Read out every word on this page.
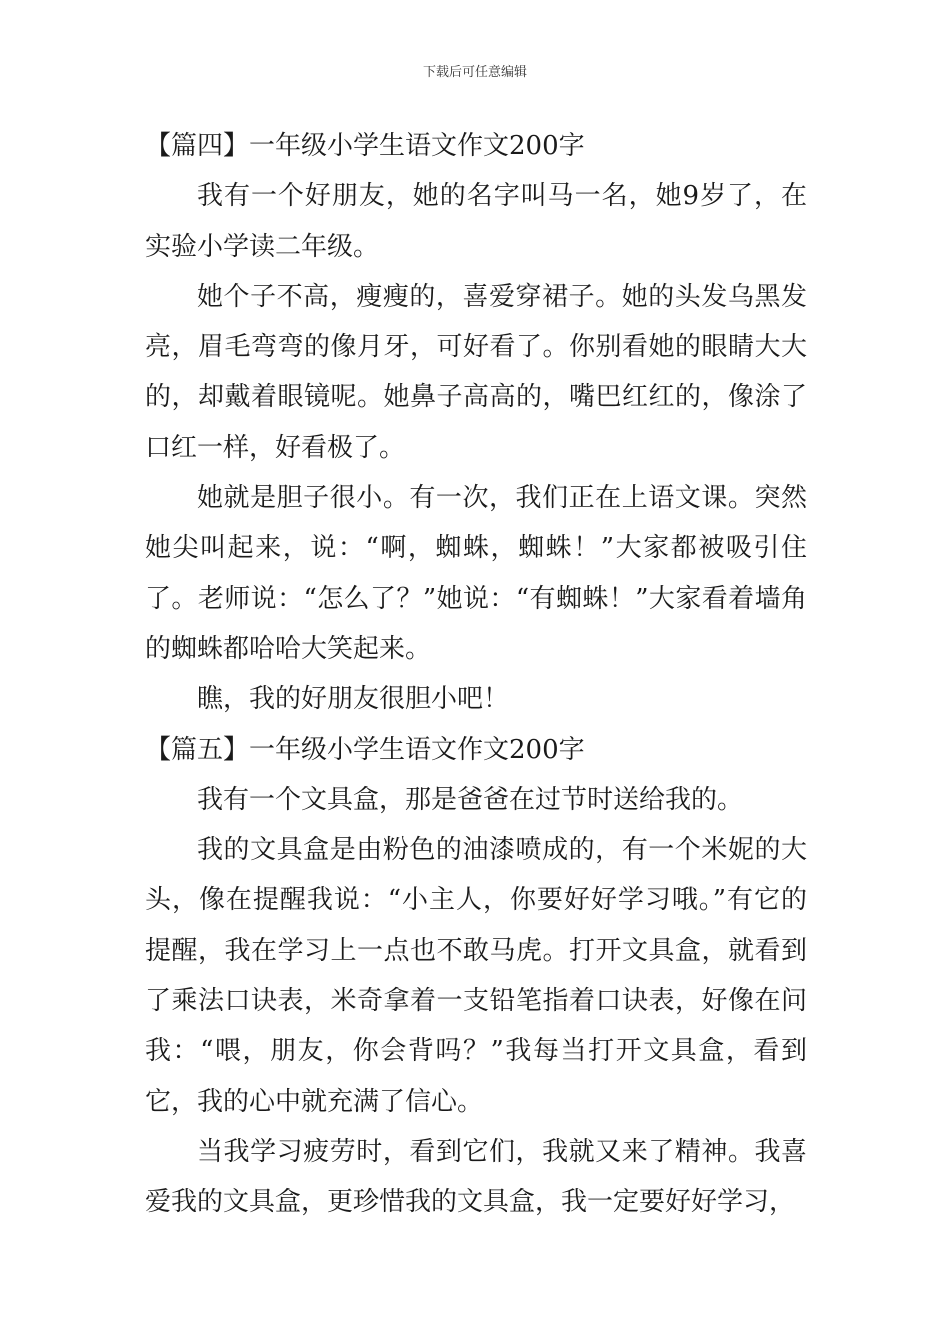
下载后可任意编辑
【篇四】一年级小学生语文作文200字

我有一个好朋友，她的名字叫马一名，她9岁了，在实验小学读二年级。

她个子不高，瘦瘦的，喜爱穿裙子。她的头发乌黑发亮，眉毛弯弯的像月牙，可好看了。你别看她的眼睛大大的，却戴着眼镜呢。她鼻子高高的，嘴巴红红的，像涂了口红一样，好看极了。

她就是胆子很小。有一次，我们正在上语文课。突然她尖叫起来，说：“啊，蜘蛛，蜘蛛！”大家都被吸引住了。老师说：“怎么了？”她说：“有蜘蛛！”大家看着墙角的蜘蛛都哈哈大笑起来。

瞧，我的好朋友很胆小吧！

【篇五】一年级小学生语文作文200字

我有一个文具盒，那是爸爸在过节时送给我的。

我的文具盒是由粉色的油漆喷成的，有一个米妮的大头，像在提醒我说：“小主人，你要好好学习哦。”有它的提醒，我在学习上一点也不敢马虎。打开文具盒，就看到了乘法口诀表，米奇拿着一支铅笔指着口诀表，好像在问我：“喂，朋友，你会背吗？”我每当打开文具盒，看到它，我的心中就充满了信心。

当我学习疲劳时，看到它们，我就又来了精神。我喜爱我的文具盒，更珍惜我的文具盒，我一定要好好学习，
